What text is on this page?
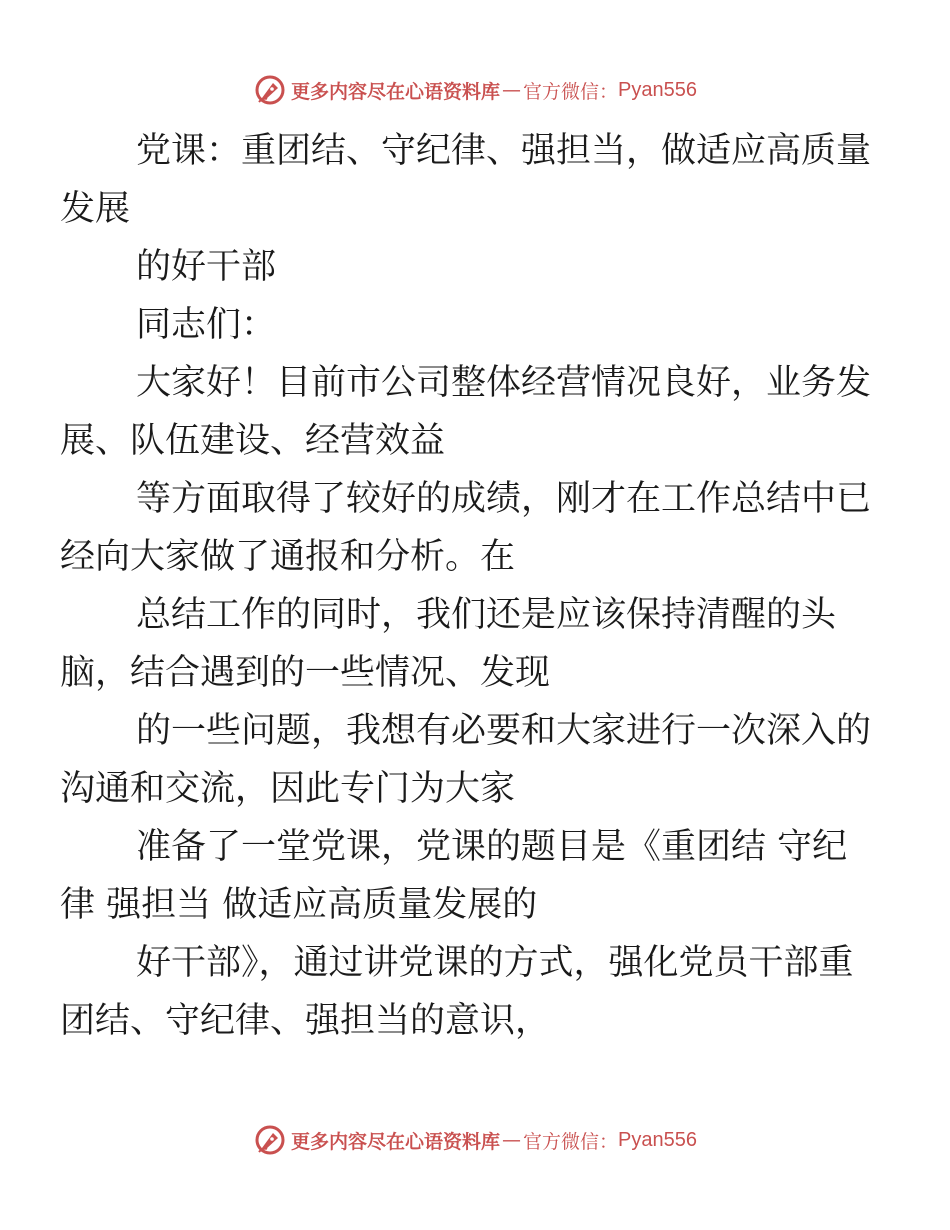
更多内容尽在心语资料库 — 官方微信： Pyan556

党课：重团结、守纪律、强担当，做适应高质量
发展

的好干部

同志们：

大家好！目前市公司整体经营情况良好，业务发
展、队伍建设、经营效益

等方面取得了较好的成绩，刚才在工作总结中已
经向大家做了通报和分析。在

总结工作的同时，我们还是应该保持清醒的头
脑，结合遇到的一些情况、发现

的一些问题，我想有必要和大家进行一次深入的
沟通和交流，因此专门为大家

准备了一堂党课，党课的题目是《重团结 守纪
律 强担当 做适应高质量发展的

好干部》，通过讲党课的方式，强化党员干部重
团结、守纪律、强担当的意识，

更多内容尽在心语资料库 — 官方微信： Pyan556
